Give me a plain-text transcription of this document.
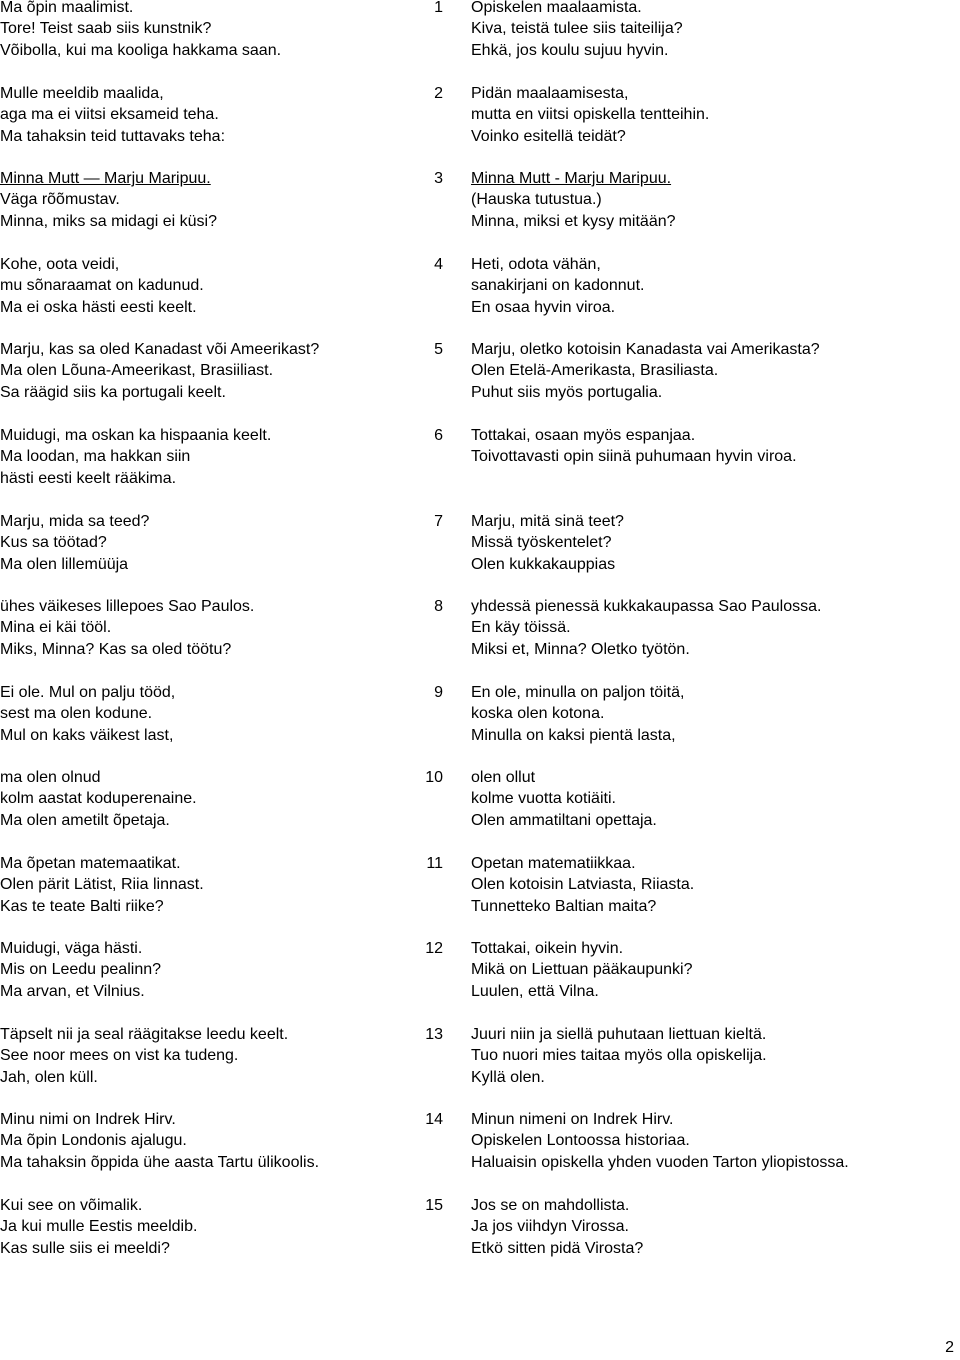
Ma õpin maalimist.
Tore! Teist saab siis kunstnik?
Võibolla, kui ma kooliga hakkama saan.
1 Opiskelen maalaamista.
Kiva, teistä tulee siis taiteilija?
Ehkä, jos koulu sujuu hyvin.
Mulle meeldib maalida,
aga ma ei viitsi eksameid teha.
Ma tahaksin teid tuttavaks teha:
2 Pidän maalaamisesta,
mutta en viitsi opiskella tentteihin.
Voinko esitellä teidät?
Minna Mutt — Marju Maripuu.
Väga rõõmustav.
Minna, miks sa midagi ei küsi?
3 Minna Mutt - Marju Maripuu.
(Hauska tutustua.)
Minna, miksi et kysy mitään?
Kohe, oota veidi,
mu sõnaraamat on kadunud.
Ma ei oska hästi eesti keelt.
4 Heti, odota vähän,
sanakirjani on kadonnut.
En osaa hyvin viroa.
Marju, kas sa oled Kanadast või Ameerikast?
Ma olen Lõuna-Ameerikast, Brasiiliast.
Sa räägid siis ka portugali keelt.
5 Marju, oletko kotoisin Kanadasta vai Amerikasta?
Olen Etelä-Amerikasta, Brasiliasta.
Puhut siis myös portugalia.
Muidugi, ma oskan ka hispaania keelt.
Ma loodan, ma hakkan siin
hästi eesti keelt rääkima.
6 Tottakai, osaan myös espanjaa.
Toivottavasti opin siinä puhumaan hyvin viroa.
Marju, mida sa teed?
Kus sa töötad?
Ma olen lillemüüja
7 Marju, mitä sinä teet?
Missä työskentelet?
Olen kukkakauppias
ühes väikeses lillepoes Sao Paulos.
Mina ei käi tööl.
Miks, Minna? Kas sa oled töötu?
8 yhdessä pienessä kukkakaupassa Sao Paulossa.
En käy töissä.
Miksi et, Minna? Oletko työtön.
Ei ole. Mul on palju tööd,
sest ma olen kodune.
Mul on kaks väikest last,
9 En ole, minulla on paljon töitä,
koska olen kotona.
Minulla on kaksi pientä lasta,
ma olen olnud
kolm aastat koduperenaine.
Ma olen ametilt õpetaja.
10 olen ollut
kolme vuotta kotiäiti.
Olen ammatiltani opettaja.
Ma õpetan matemaatikat.
Olen pärit Lätist, Riia linnast.
Kas te teate Balti riike?
11 Opetan matematiikkaa.
Olen kotoisin Latviasta, Riiasta.
Tunnetteko Baltian maita?
Muidugi, väga hästi.
Mis on Leedu pealinn?
Ma arvan, et Vilnius.
12 Tottakai, oikein hyvin.
Mikä on Liettuan pääkaupunki?
Luulen, että Vilna.
Täpselt nii ja seal räägitakse leedu keelt.
See noor mees on vist ka tudeng.
Jah, olen küll.
13 Juuri niin ja siellä puhutaan liettuan kieltä.
Tuo nuori mies taitaa myös olla opiskelija.
Kyllä olen.
Minu nimi on Indrek Hirv.
Ma õpin Londonis ajalugu.
Ma tahaksin õppida ühe aasta Tartu ülikoolis.
14 Minun nimeni on Indrek Hirv.
Opiskelen Lontoossa historiaa.
Haluaisin opiskella yhden vuoden Tarton yliopistossa.
Kui see on võimalik.
Ja kui mulle Eestis meeldib.
Kas sulle siis ei meeldi?
15 Jos se on mahdollista.
Ja jos viihdyn Virossa.
Etkö sitten pidä Virosta?
2
